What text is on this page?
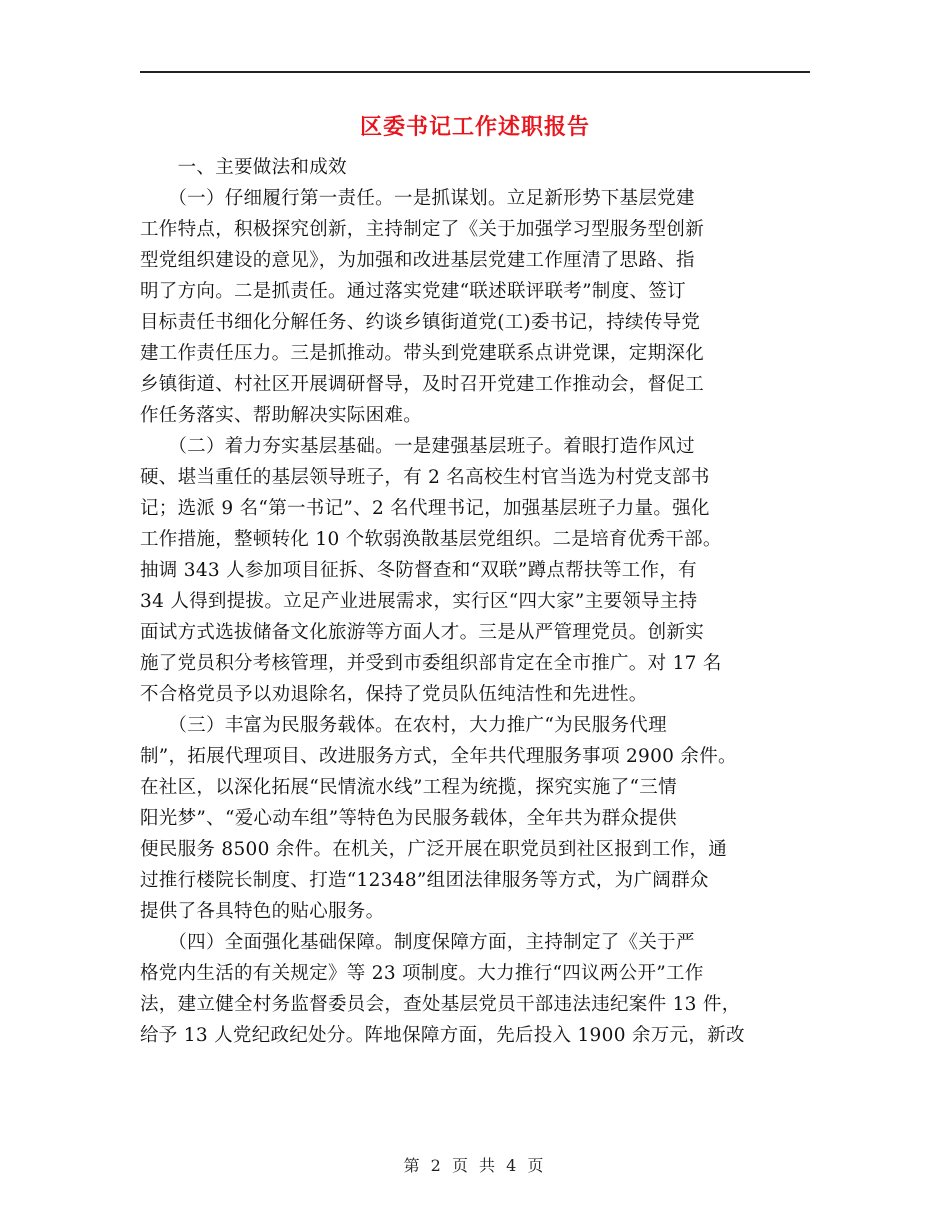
区委书记工作述职报告
　　一、主要做法和成效
　　（一）仔细履行第一责任。一是抓谋划。立足新形势下基层党建
工作特点，积极探究创新，主持制定了《关于加强学习型服务型创新
型党组织建设的意见》，为加强和改进基层党建工作厘清了思路、指
明了方向。二是抓责任。通过落实党建“联述联评联考”制度、签订
目标责任书细化分解任务、约谈乡镇街道党(工)委书记，持续传导党
建工作责任压力。三是抓推动。带头到党建联系点讲党课，定期深化
乡镇街道、村社区开展调研督导，及时召开党建工作推动会，督促工
作任务落实、帮助解决实际困难。
　　（二）着力夯实基层基础。一是建强基层班子。着眼打造作风过
硬、堪当重任的基层领导班子，有 2 名高校生村官当选为村党支部书
记；选派 9 名“第一书记”、2 名代理书记，加强基层班子力量。强化
工作措施，整顿转化 10 个软弱涣散基层党组织。二是培育优秀干部。
抽调 343 人参加项目征拆、冬防督查和“双联”蹲点帮扶等工作，有
34 人得到提拔。立足产业进展需求，实行区“四大家”主要领导主持
面试方式选拔储备文化旅游等方面人才。三是从严管理党员。创新实
施了党员积分考核管理，并受到市委组织部肯定在全市推广。对 17 名
不合格党员予以劝退除名，保持了党员队伍纯洁性和先进性。
　　（三）丰富为民服务载体。在农村，大力推广“为民服务代理
制”，拓展代理项目、改进服务方式，全年共代理服务事项 2900 余件。
在社区，以深化拓展“民情流水线”工程为统揽，探究实施了“三情
阳光梦”、“爱心动车组”等特色为民服务载体，全年共为群众提供
便民服务 8500 余件。在机关，广泛开展在职党员到社区报到工作，通
过推行楼院长制度、打造“12348”组团法律服务等方式，为广阔群众
提供了各具特色的贴心服务。
　　（四）全面强化基础保障。制度保障方面，主持制定了《关于严
格党内生活的有关规定》等 23 项制度。大力推行“四议两公开”工作
法，建立健全村务监督委员会，查处基层党员干部违法违纪案件 13 件，
给予 13 人党纪政纪处分。阵地保障方面，先后投入 1900 余万元，新改
第 2 页 共 4 页
